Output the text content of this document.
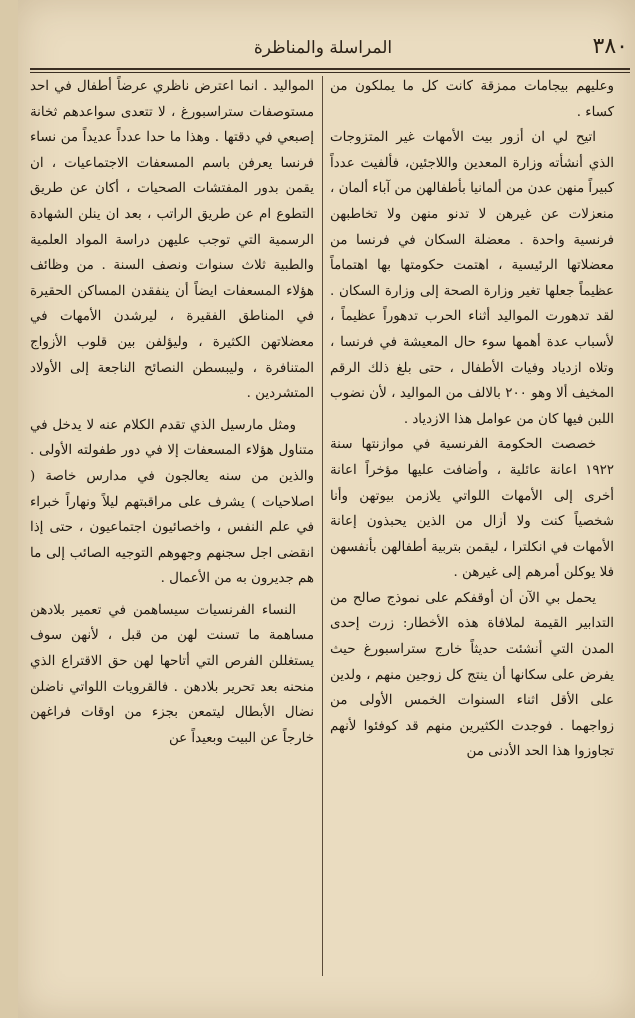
٣٨٠
المراسلة والمناظرة

وعليهم بيجامات ممزقة كانت كل ما يملكون من كساء .

اتيح لي ان أزور بيت الأمهات غير المتزوجات الذي أنشأته وزارة المعدين واللاجئين، فألفيت عدداً كبيراً منهن عدن من ألمانيا بأطفالهن من آباء ألمان ، منعزلات عن غيرهن لا تدنو منهن ولا تخاطبهن فرنسية واحدة . معضلة السكان في فرنسا من معضلاتها الرئيسية ، اهتمت حكومتها بها اهتماماً عظيماً جعلها تغير وزارة الصحة إلى وزارة السكان . لقد تدهورت المواليد أثناء الحرب تدهوراً عظيماً ، لأسباب عدة أهمها سوء حال المعيشة في فرنسا ، وتلاه ازدياد وفيات الأطفال ، حتى بلغ ذلك الرقم المخيف ألا وهو ٢٠٠ بالالف من المواليد ، لأن نضوب اللبن فيها كان من عوامل هذا الازدياد .

خصصت الحكومة الفرنسية في موازنتها سنة ١٩٢٢ اعانة عائلية ، وأضافت عليها مؤخراً اعانة أخرى إلى الأمهات اللواتي يلازمن بيوتهن وأنا شخصياً كنت ولا أزال من الذين يحبذون إعانة الأمهات في انكلترا ، ليقمن بتربية أطفالهن بأنفسهن فلا يوكلن أمرهم إلى غيرهن .

يحمل بي الآن أن أوقفكم على نموذج صالح من التدابير القيمة لملافاة هذه الأخطار: زرت إحدى المدن التي أنشئت حديثاً خارج ستراسبورغ حيث يفرض على سكانها أن ينتج كل زوجين منهم ، ولدين على الأقل اثناء السنوات الخمس الأولى من زواجهما . فوجدت الكثيرين منهم قد كوفئوا لأنهم تجاوزوا هذا الحد الأدنى من

المواليد . انما اعترض ناظري عرضاً أطفال في احد مستوصفات ستراسبورغ ، لا تتعدى سواعدهم ثخانة إصبعي في دقتها . وهذا ما حدا عدداً عديداً من نساء فرنسا يعرفن باسم المسعفات الاجتماعيات ، ان يقمن بدور المفتشات الصحيات ، أكان عن طريق التطوع ام عن طريق الراتب ، بعد ان ينلن الشهادة الرسمية التي توجب عليهن دراسة المواد العلمية والطبية ثلاث سنوات ونصف السنة . من وظائف هؤلاء المسعفات ايضاً أن ينفقدن المساكن الحقيرة في المناطق الفقيرة ، ليرشدن الأمهات في معضلاتهن الكثيرة ، وليؤلفن بين قلوب الأزواج المتنافرة ، وليبسطن النصائح الناجعة إلى الأولاد المتشردين .

ومثل مارسيل الذي تقدم الكلام عنه لا يدخل في متناول هؤلاء المسعفات إلا في دور طفولته الأولى . والذين من سنه يعالجون في مدارس خاصة ( اصلاحيات ) يشرف على مراقبتهم ليلاً ونهاراً خبراء في علم النفس ، واخصائيون اجتماعيون ، حتى إذا انقضى اجل سجنهم وجهوهم التوجيه الصائب إلى ما هم جديرون به من الأعمال .

النساء الفرنسيات سيساهمن في تعمير بلادهن مساهمة ما تسنت لهن من قبل ، لأنهن سوف يستغللن الفرص التي أتاحها لهن حق الاقتراع الذي منحنه بعد تحرير بلادهن . فالقرويات اللواتي ناضلن نضال الأبطال ليتمعن بجزء من اوقات فراغهن خارجاً عن البيت وبعيداً عن
